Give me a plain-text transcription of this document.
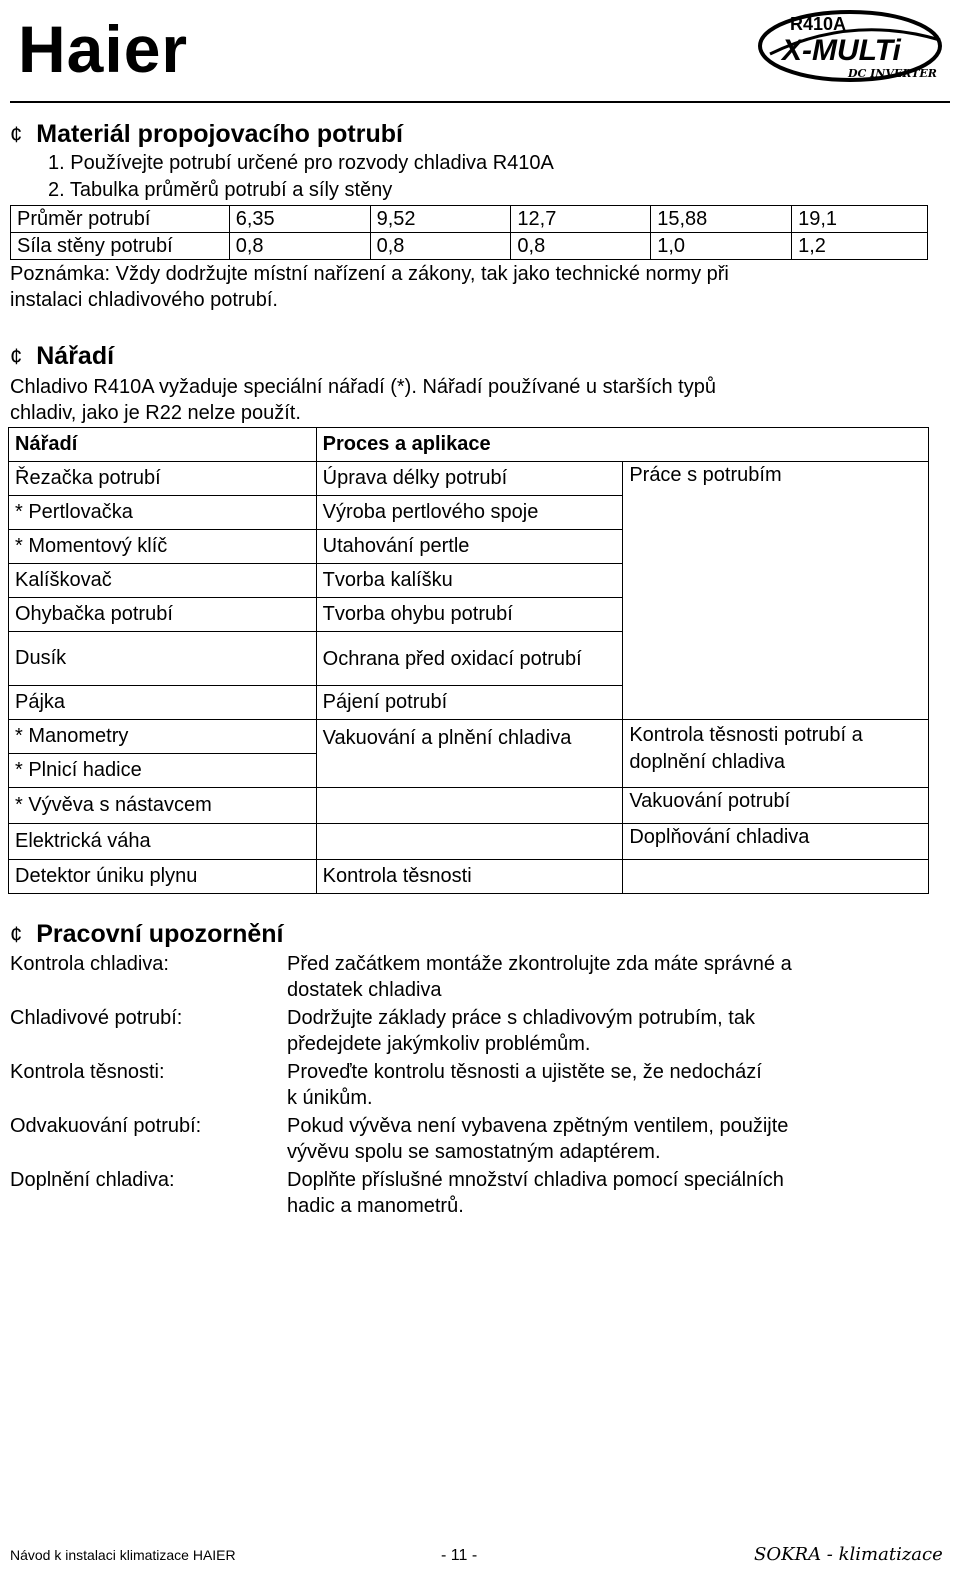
Haier	R410A
X-MULTi
DC INVERTER
¢ Materiál propojovacího potrubí
1. Používejte potrubí určené pro rozvody chladiva R410A
2. Tabulka průměrů potrubí a síly stěny
Průměr potrubí	6,35	9,52	12,7	15,88	19,1
Síla stěny potrubí	0,8	0,8	0,8	1,0	1,2
Poznámka: Vždy dodržujte místní nařízení a zákony, tak jako technické normy při
instalaci chladivového potrubí.
¢ Nářadí
Chladivo R410A vyžaduje speciální nářadí (*). Nářadí používané u starších typů
chladiv, jako je R22 nelze použít.
Nářadí	Proces a aplikace	
Řezačka potrubí	Úprava délky potrubí	Práce s potrubím
* Pertlovačka	Výroba pertlového spoje	
* Momentový klíč	Utahování pertle	
Kalíškovač	Tvorba kalíšku	
Ohybačka potrubí	Tvorba ohybu potrubí	
Dusík	Ochrana před oxidací potrubí	
Pájka	Pájení potrubí	
* Manometry	Vakuování a plnění chladiva	Kontrola těsnosti potrubí a doplnění chladiva
* Plnicí hadice		
* Vývěva s nástavcem		Vakuování potrubí
Elektrická váha		Doplňování chladiva
Detektor úniku plynu	Kontrola těsnosti	
¢ Pracovní upozornění
Kontrola chladiva:	Před začátkem montáže zkontrolujte zda máte správné a
dostatek chladiva
Chladivové potrubí:	Dodržujte základy práce s chladivovým potrubím, tak
předejdete jakýmkoliv problémům.
Kontrola těsnosti:	Proveďte kontrolu těsnosti a ujistěte se, že nedochází
k únikům.
Odvakuování potrubí:	Pokud vývěva není vybavena zpětným ventilem, použijte
vývěvu spolu se samostatným adaptérem.
Doplnění chladiva:	Doplňte příslušné množství chladiva pomocí speciálních
hadic a manometrů.
Návod k instalaci klimatizace HAIER	- 11 -	SOKRA - klimatizace
